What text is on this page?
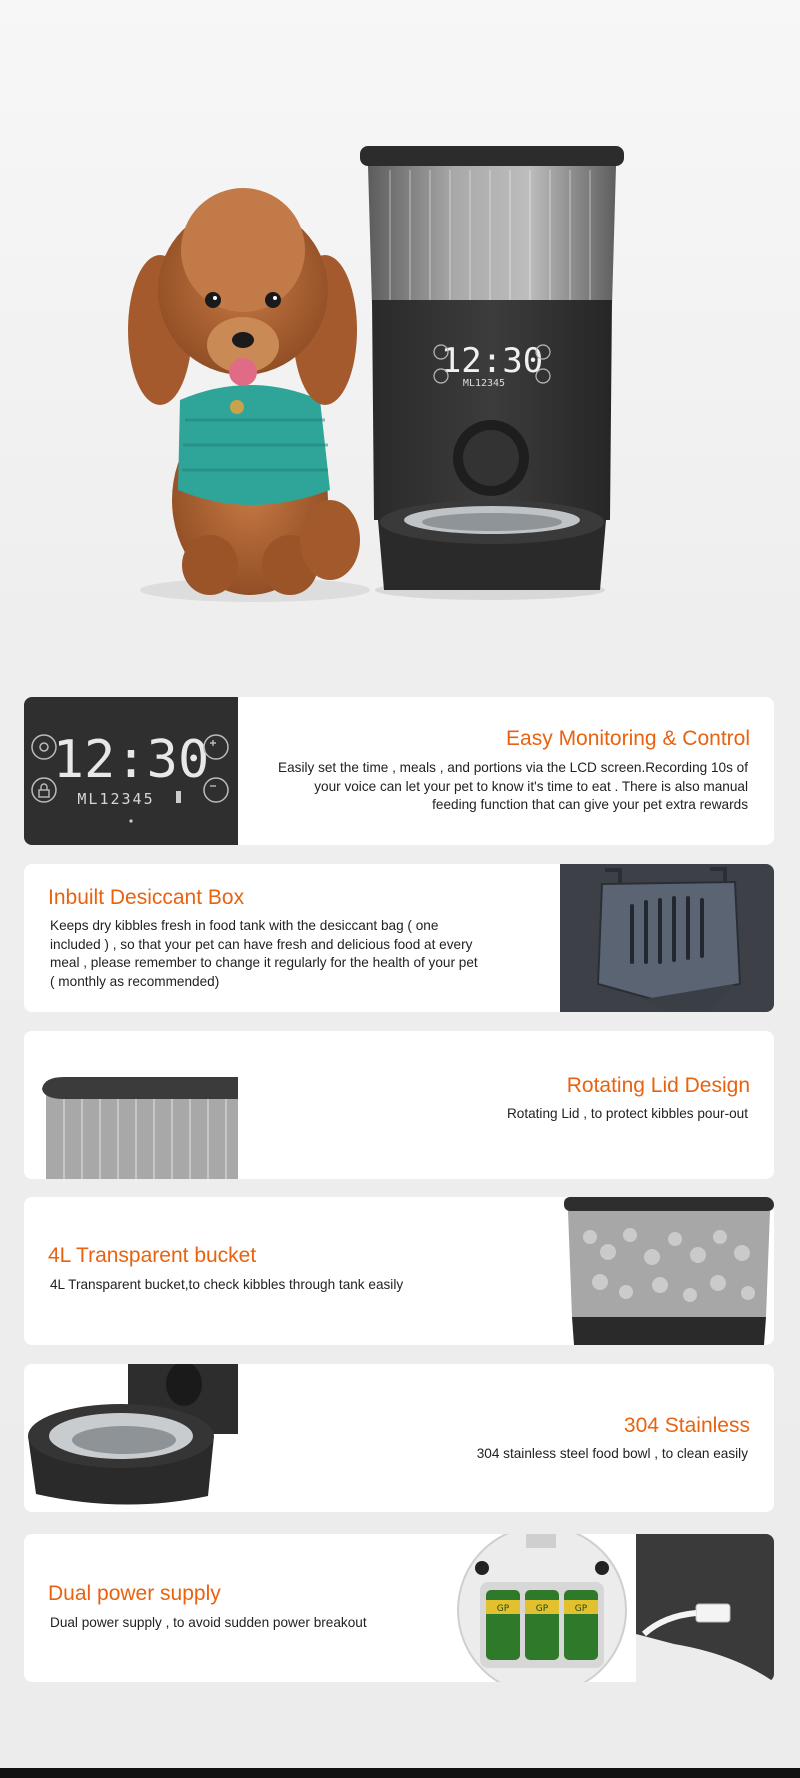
12:30
ML12345
12:30
ML12345
Easy Monitoring & Control
Easily set the time , meals , and portions via the LCD screen.Recording 10s of your voice can let your pet to know it's time to eat . There is also manual feeding function that can give your pet extra rewards
Inbuilt Desiccant Box
Keeps dry kibbles fresh in food tank with the desiccant bag ( one included ) , so that your pet can have fresh and delicious food at every meal , please remember to change it regularly for the health of your pet ( monthly as recommended)
Rotating Lid Design
Rotating Lid , to protect kibbles pour-out
4L Transparent bucket
4L Transparent bucket,to check kibbles through tank easily
304 Stainless
304 stainless steel food bowl , to clean easily
Dual power supply
Dual power supply , to avoid sudden power breakout
GP	GP	GP
